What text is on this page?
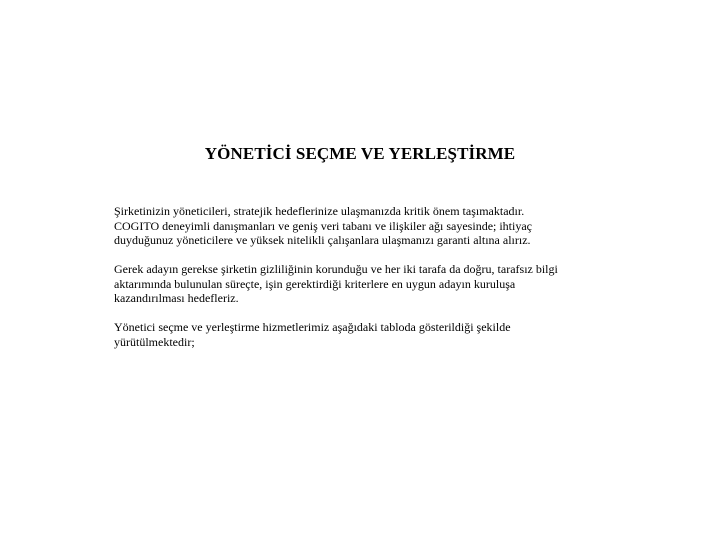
YÖNETİCİ SEÇME VE YERLEŞTİRME

Şirketinizin yöneticileri, stratejik hedeflerinize ulaşmanızda kritik önem taşımaktadır.
COGITO deneyimli danışmanları ve geniş veri tabanı ve ilişkiler ağı sayesinde; ihtiyaç
duyduğunuz yöneticilere ve yüksek nitelikli çalışanlara ulaşmanızı garanti altına alırız.

Gerek adayın gerekse şirketin gizliliğinin korunduğu ve her iki tarafa da doğru, tarafsız bilgi
aktarımında bulunulan süreçte, işin gerektirdiği kriterlere en uygun adayın kuruluşa
kazandırılması hedefleriz.

Yönetici seçme ve yerleştirme hizmetlerimiz aşağıdaki tabloda gösterildiği şekilde
yürütülmektedir;
